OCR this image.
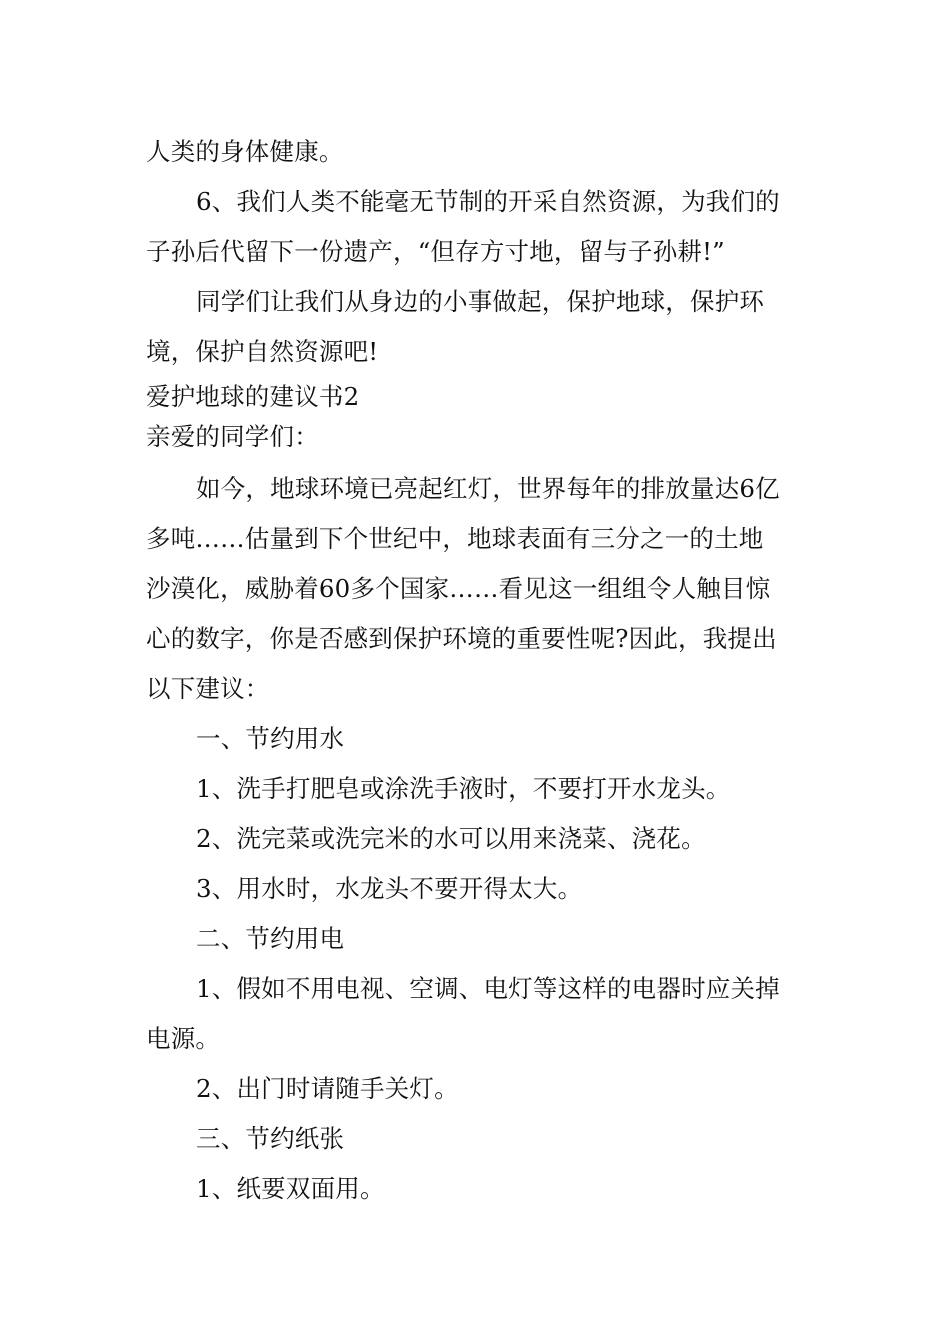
人类的身体健康。
6、我们人类不能毫无节制的开采自然资源，为我们的
子孙后代留下一份遗产，“但存方寸地，留与子孙耕!”
同学们让我们从身边的小事做起，保护地球，保护环
境，保护自然资源吧!
爱护地球的建议书2
亲爱的同学们：
如今，地球环境已亮起红灯，世界每年的排放量达6亿
多吨……估量到下个世纪中，地球表面有三分之一的土地
沙漠化，威胁着60多个国家……看见这一组组令人触目惊
心的数字，你是否感到保护环境的重要性呢?因此，我提出
以下建议：
一、节约用水
1、洗手打肥皂或涂洗手液时，不要打开水龙头。
2、洗完菜或洗完米的水可以用来浇菜、浇花。
3、用水时，水龙头不要开得太大。
二、节约用电
1、假如不用电视、空调、电灯等这样的电器时应关掉
电源。
2、出门时请随手关灯。
三、节约纸张
1、纸要双面用。
